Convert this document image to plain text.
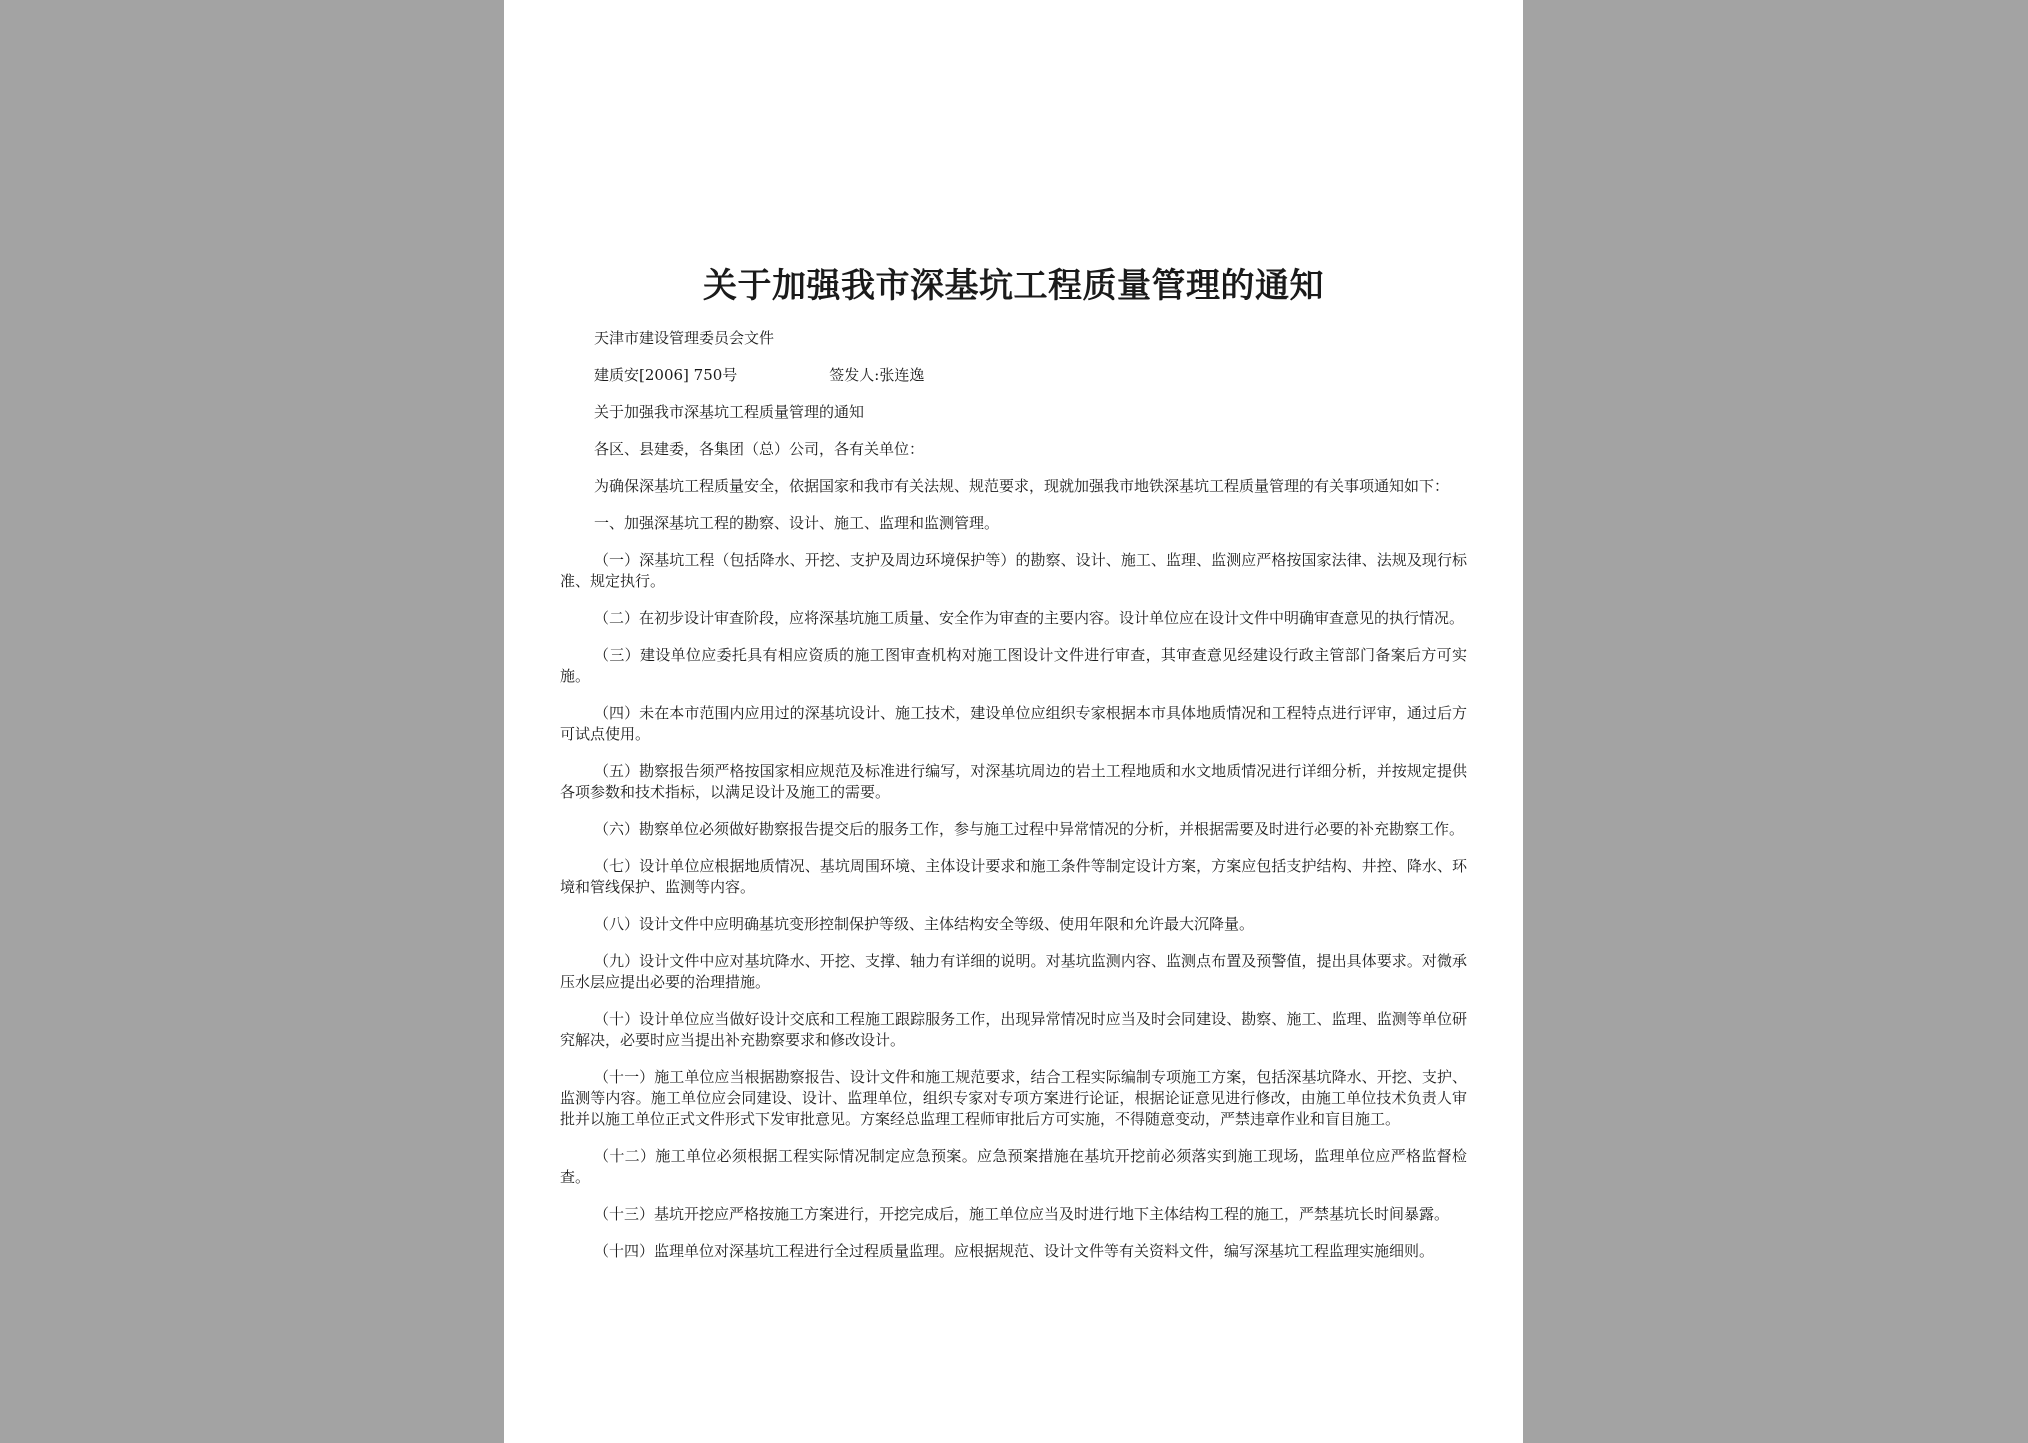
关于加强我市深基坑工程质量管理的通知
天津市建设管理委员会文件
建质安[2006] 750号	签发人:张连逸
关于加强我市深基坑工程质量管理的通知
各区、县建委，各集团（总）公司，各有关单位：
为确保深基坑工程质量安全，依据国家和我市有关法规、规范要求，现就加强我市地铁深基坑工程质量管理的有关事项通知如下：
一、加强深基坑工程的勘察、设计、施工、监理和监测管理。
（一）深基坑工程（包括降水、开挖、支护及周边环境保护等）的勘察、设计、施工、监理、监测应严格按国家法律、法规及现行标准、规定执行。
（二）在初步设计审查阶段，应将深基坑施工质量、安全作为审查的主要内容。设计单位应在设计文件中明确审查意见的执行情况。
（三）建设单位应委托具有相应资质的施工图审查机构对施工图设计文件进行审查，其审查意见经建设行政主管部门备案后方可实施。
（四）未在本市范围内应用过的深基坑设计、施工技术，建设单位应组织专家根据本市具体地质情况和工程特点进行评审，通过后方可试点使用。
（五）勘察报告须严格按国家相应规范及标准进行编写，对深基坑周边的岩土工程地质和水文地质情况进行详细分析，并按规定提供各项参数和技术指标，以满足设计及施工的需要。
（六）勘察单位必须做好勘察报告提交后的服务工作，参与施工过程中异常情况的分析，并根据需要及时进行必要的补充勘察工作。
（七）设计单位应根据地质情况、基坑周围环境、主体设计要求和施工条件等制定设计方案，方案应包括支护结构、井控、降水、环境和管线保护、监测等内容。
（八）设计文件中应明确基坑变形控制保护等级、主体结构安全等级、使用年限和允许最大沉降量。
（九）设计文件中应对基坑降水、开挖、支撑、轴力有详细的说明。对基坑监测内容、监测点布置及预警值，提出具体要求。对微承压水层应提出必要的治理措施。
（十）设计单位应当做好设计交底和工程施工跟踪服务工作，出现异常情况时应当及时会同建设、勘察、施工、监理、监测等单位研究解决，必要时应当提出补充勘察要求和修改设计。
（十一）施工单位应当根据勘察报告、设计文件和施工规范要求，结合工程实际编制专项施工方案，包括深基坑降水、开挖、支护、监测等内容。施工单位应会同建设、设计、监理单位，组织专家对专项方案进行论证，根据论证意见进行修改，由施工单位技术负责人审批并以施工单位正式文件形式下发审批意见。方案经总监理工程师审批后方可实施，不得随意变动，严禁违章作业和盲目施工。
（十二）施工单位必须根据工程实际情况制定应急预案。应急预案措施在基坑开挖前必须落实到施工现场，监理单位应严格监督检查。
（十三）基坑开挖应严格按施工方案进行，开挖完成后，施工单位应当及时进行地下主体结构工程的施工，严禁基坑长时间暴露。
（十四）监理单位对深基坑工程进行全过程质量监理。应根据规范、设计文件等有关资料文件，编写深基坑工程监理实施细则。
